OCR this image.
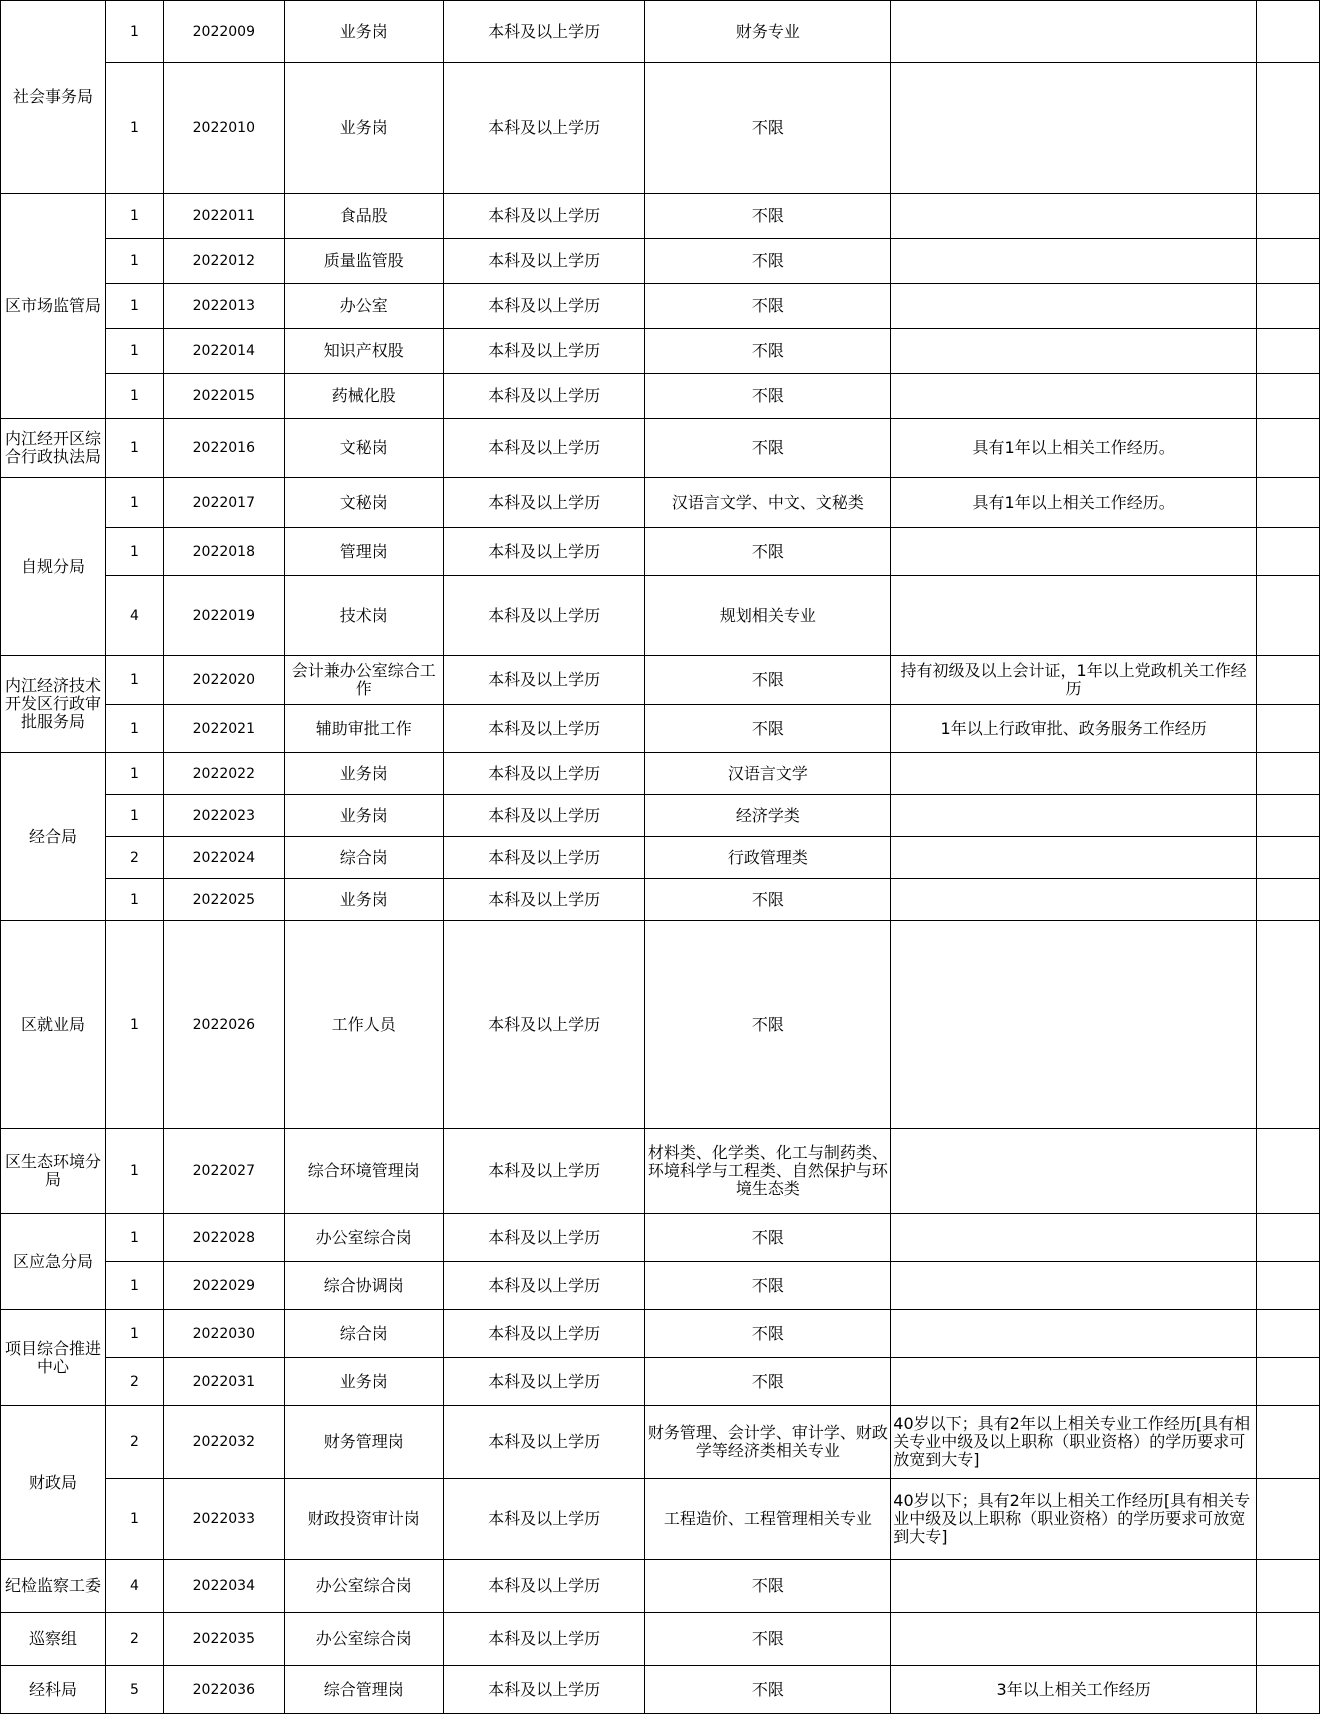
社会事务局	1	2022009	业务岗	本科及以上学历	财务专业		
	1	2022010	业务岗	本科及以上学历	不限		
区市场监管局	1	2022011	食品股	本科及以上学历	不限		
	1	2022012	质量监管股	本科及以上学历	不限		
	1	2022013	办公室	本科及以上学历	不限		
	1	2022014	知识产权股	本科及以上学历	不限		
	1	2022015	药械化股	本科及以上学历	不限		
内江经开区综合行政执法局	1	2022016	文秘岗	本科及以上学历	不限	具有1年以上相关工作经历。	
自规分局	1	2022017	文秘岗	本科及以上学历	汉语言文学、中文、文秘类	具有1年以上相关工作经历。	
	1	2022018	管理岗	本科及以上学历	不限		
	4	2022019	技术岗	本科及以上学历	规划相关专业		
内江经济技术开发区行政审批服务局	1	2022020	会计兼办公室综合工作	本科及以上学历	不限	持有初级及以上会计证，1年以上党政机关工作经历	
	1	2022021	辅助审批工作	本科及以上学历	不限	1年以上行政审批、政务服务工作经历	
经合局	1	2022022	业务岗	本科及以上学历	汉语言文学		
	1	2022023	业务岗	本科及以上学历	经济学类		
	2	2022024	综合岗	本科及以上学历	行政管理类		
	1	2022025	业务岗	本科及以上学历	不限		
区就业局	1	2022026	工作人员	本科及以上学历	不限		
区生态环境分局	1	2022027	综合环境管理岗	本科及以上学历	材料类、化学类、化工与制药类、环境科学与工程类、自然保护与环境生态类		
区应急分局	1	2022028	办公室综合岗	本科及以上学历	不限		
	1	2022029	综合协调岗	本科及以上学历	不限		
项目综合推进中心	1	2022030	综合岗	本科及以上学历	不限		
	2	2022031	业务岗	本科及以上学历	不限		
财政局	2	2022032	财务管理岗	本科及以上学历	财务管理、会计学、审计学、财政学等经济类相关专业	40岁以下；具有2年以上相关专业工作经历[具有相关专业中级及以上职称（职业资格）的学历要求可放宽到大专]	
	1	2022033	财政投资审计岗	本科及以上学历	工程造价、工程管理相关专业	40岁以下；具有2年以上相关工作经历[具有相关专业中级及以上职称（职业资格）的学历要求可放宽到大专]	
纪检监察工委	4	2022034	办公室综合岗	本科及以上学历	不限		
巡察组	2	2022035	办公室综合岗	本科及以上学历	不限		
经科局	5	2022036	综合管理岗	本科及以上学历	不限	3年以上相关工作经历	
